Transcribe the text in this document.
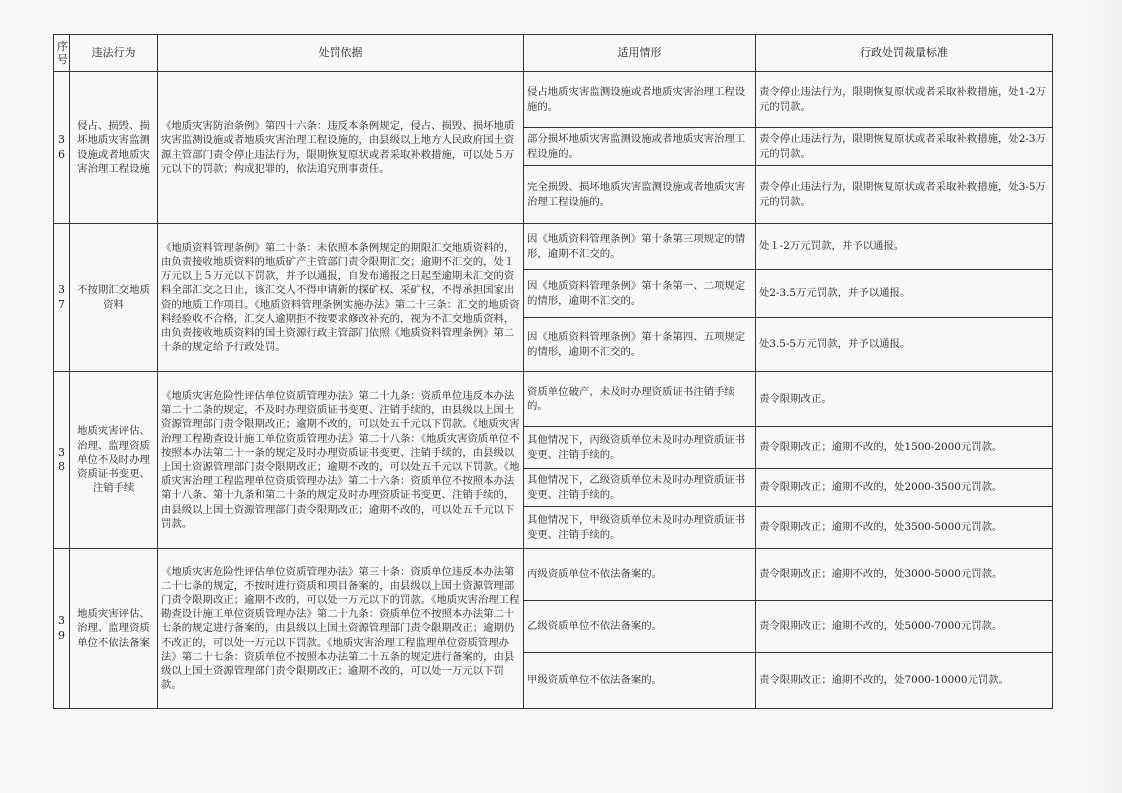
序号	违法行为	处罚依据	适用情形	行政处罚裁量标准
36	侵占、损毁、损坏地质灾害监测设施或者地质灾害治理工程设施	《地质灾害防治条例》第四十六条：违反本条例规定，侵占、损毁、损坏地质灾害监测设施或者地质灾害治理工程设施的，由县级以上地方人民政府国土资源主管部门责令停止违法行为，限期恢复原状或者采取补救措施，可以处５万元以下的罚款；构成犯罪的，依法追究刑事责任。	侵占地质灾害监测设施或者地质灾害治理工程设施的。	责令停止违法行为，限期恢复原状或者采取补救措施，处1-2万元的罚款。
			部分损坏地质灾害监测设施或者地质灾害治理工程设施的。	责令停止违法行为，限期恢复原状或者采取补救措施，处2-3万元的罚款。
			完全损毁、损坏地质灾害监测设施或者地质灾害治理工程设施的。	责令停止违法行为，限期恢复原状或者采取补救措施，处3-5万元的罚款。
37	不按期汇交地质资料	《地质资料管理条例》第二十条：未依照本条例规定的期限汇交地质资料的，由负责接收地质资料的地质矿产主管部门责令限期汇交；逾期不汇交的，处１万元以上５万元以下罚款，并予以通报，自发布通报之日起至逾期未汇交的资料全部汇交之日止，该汇交人不得申请新的探矿权、采矿权，不得承担国家出资的地质工作项目。《地质资料管理条例实施办法》第二十三条：汇交的地质资料经验收不合格，汇交人逾期拒不按要求修改补充的，视为不汇交地质资料，由负责接收地质资料的国土资源行政主管部门依照《地质资料管理条例》第二十条的规定给予行政处罚。	因《地质资料管理条例》第十条第三项规定的情形，逾期不汇交的。	处１-2万元罚款，并予以通报。
			因《地质资料管理条例》第十条第一、二项规定的情形，逾期不汇交的。	处2-3.5万元罚款，并予以通报。
			因《地质资料管理条例》第十条第四、五项规定的情形，逾期不汇交的。	处3.5-5万元罚款，并予以通报。
38	地质灾害评估、治理、监理资质单位不及时办理资质证书变更、注销手续	《地质灾害危险性评估单位资质管理办法》第二十九条：资质单位违反本办法第二十二条的规定，不及时办理资质证书变更、注销手续的，由县级以上国土资源管理部门责令限期改正；逾期不改的，可以处五千元以下罚款。《地质灾害治理工程勘查设计施工单位资质管理办法》第二十八条：《地质灾害资质单位不按照本办法第二十一条的规定及时办理资质证书变更、注销手续的，由县级以上国土资源管理部门责令限期改正；逾期不改的，可以处五千元以下罚款。《地质灾害治理工程监理单位资质管理办法》第二十六条：资质单位不按照本办法第十八条、第十九条和第二十条的规定及时办理资质证书变更、注销手续的，由县级以上国土资源管理部门责令限期改正；逾期不改的，可以处五千元以下罚款。	资质单位破产，未及时办理资质证书注销手续的。	责令限期改正。
			其他情况下，丙级资质单位未及时办理资质证书变更、注销手续的。	责令限期改正；逾期不改的，处1500-2000元罚款。
			其他情况下，乙级资质单位未及时办理资质证书变更、注销手续的。	责令限期改正；逾期不改的，处2000-3500元罚款。
			其他情况下，甲级资质单位未及时办理资质证书变更、注销手续的。	责令限期改正；逾期不改的，处3500-5000元罚款。
39	地质灾害评估、治理、监理资质单位不依法备案	《地质灾害危险性评估单位资质管理办法》第三十条：资质单位违反本办法第二十七条的规定，不按时进行资质和项目备案的，由县级以上国土资源管理部门责令限期改正；逾期不改的，可以处一万元以下的罚款。《地质灾害治理工程勘查设计施工单位资质管理办法》第二十九条：资质单位不按照本办法第二十七条的规定进行备案的，由县级以上国土资源管理部门责令限期改正；逾期仍不改正的，可以处一万元以下罚款。《地质灾害治理工程监理单位资质管理办法》第二十七条：资质单位不按照本办法第二十五条的规定进行备案的，由县级以上国土资源管理部门责令限期改正；逾期不改的，可以处一万元以下罚款。	丙级资质单位不依法备案的。	责令限期改正；逾期不改的，处3000-5000元罚款。
			乙级资质单位不依法备案的。	责令限期改正；逾期不改的，处5000-7000元罚款。
			甲级资质单位不依法备案的。	责令限期改正；逾期不改的，处7000-10000元罚款。
